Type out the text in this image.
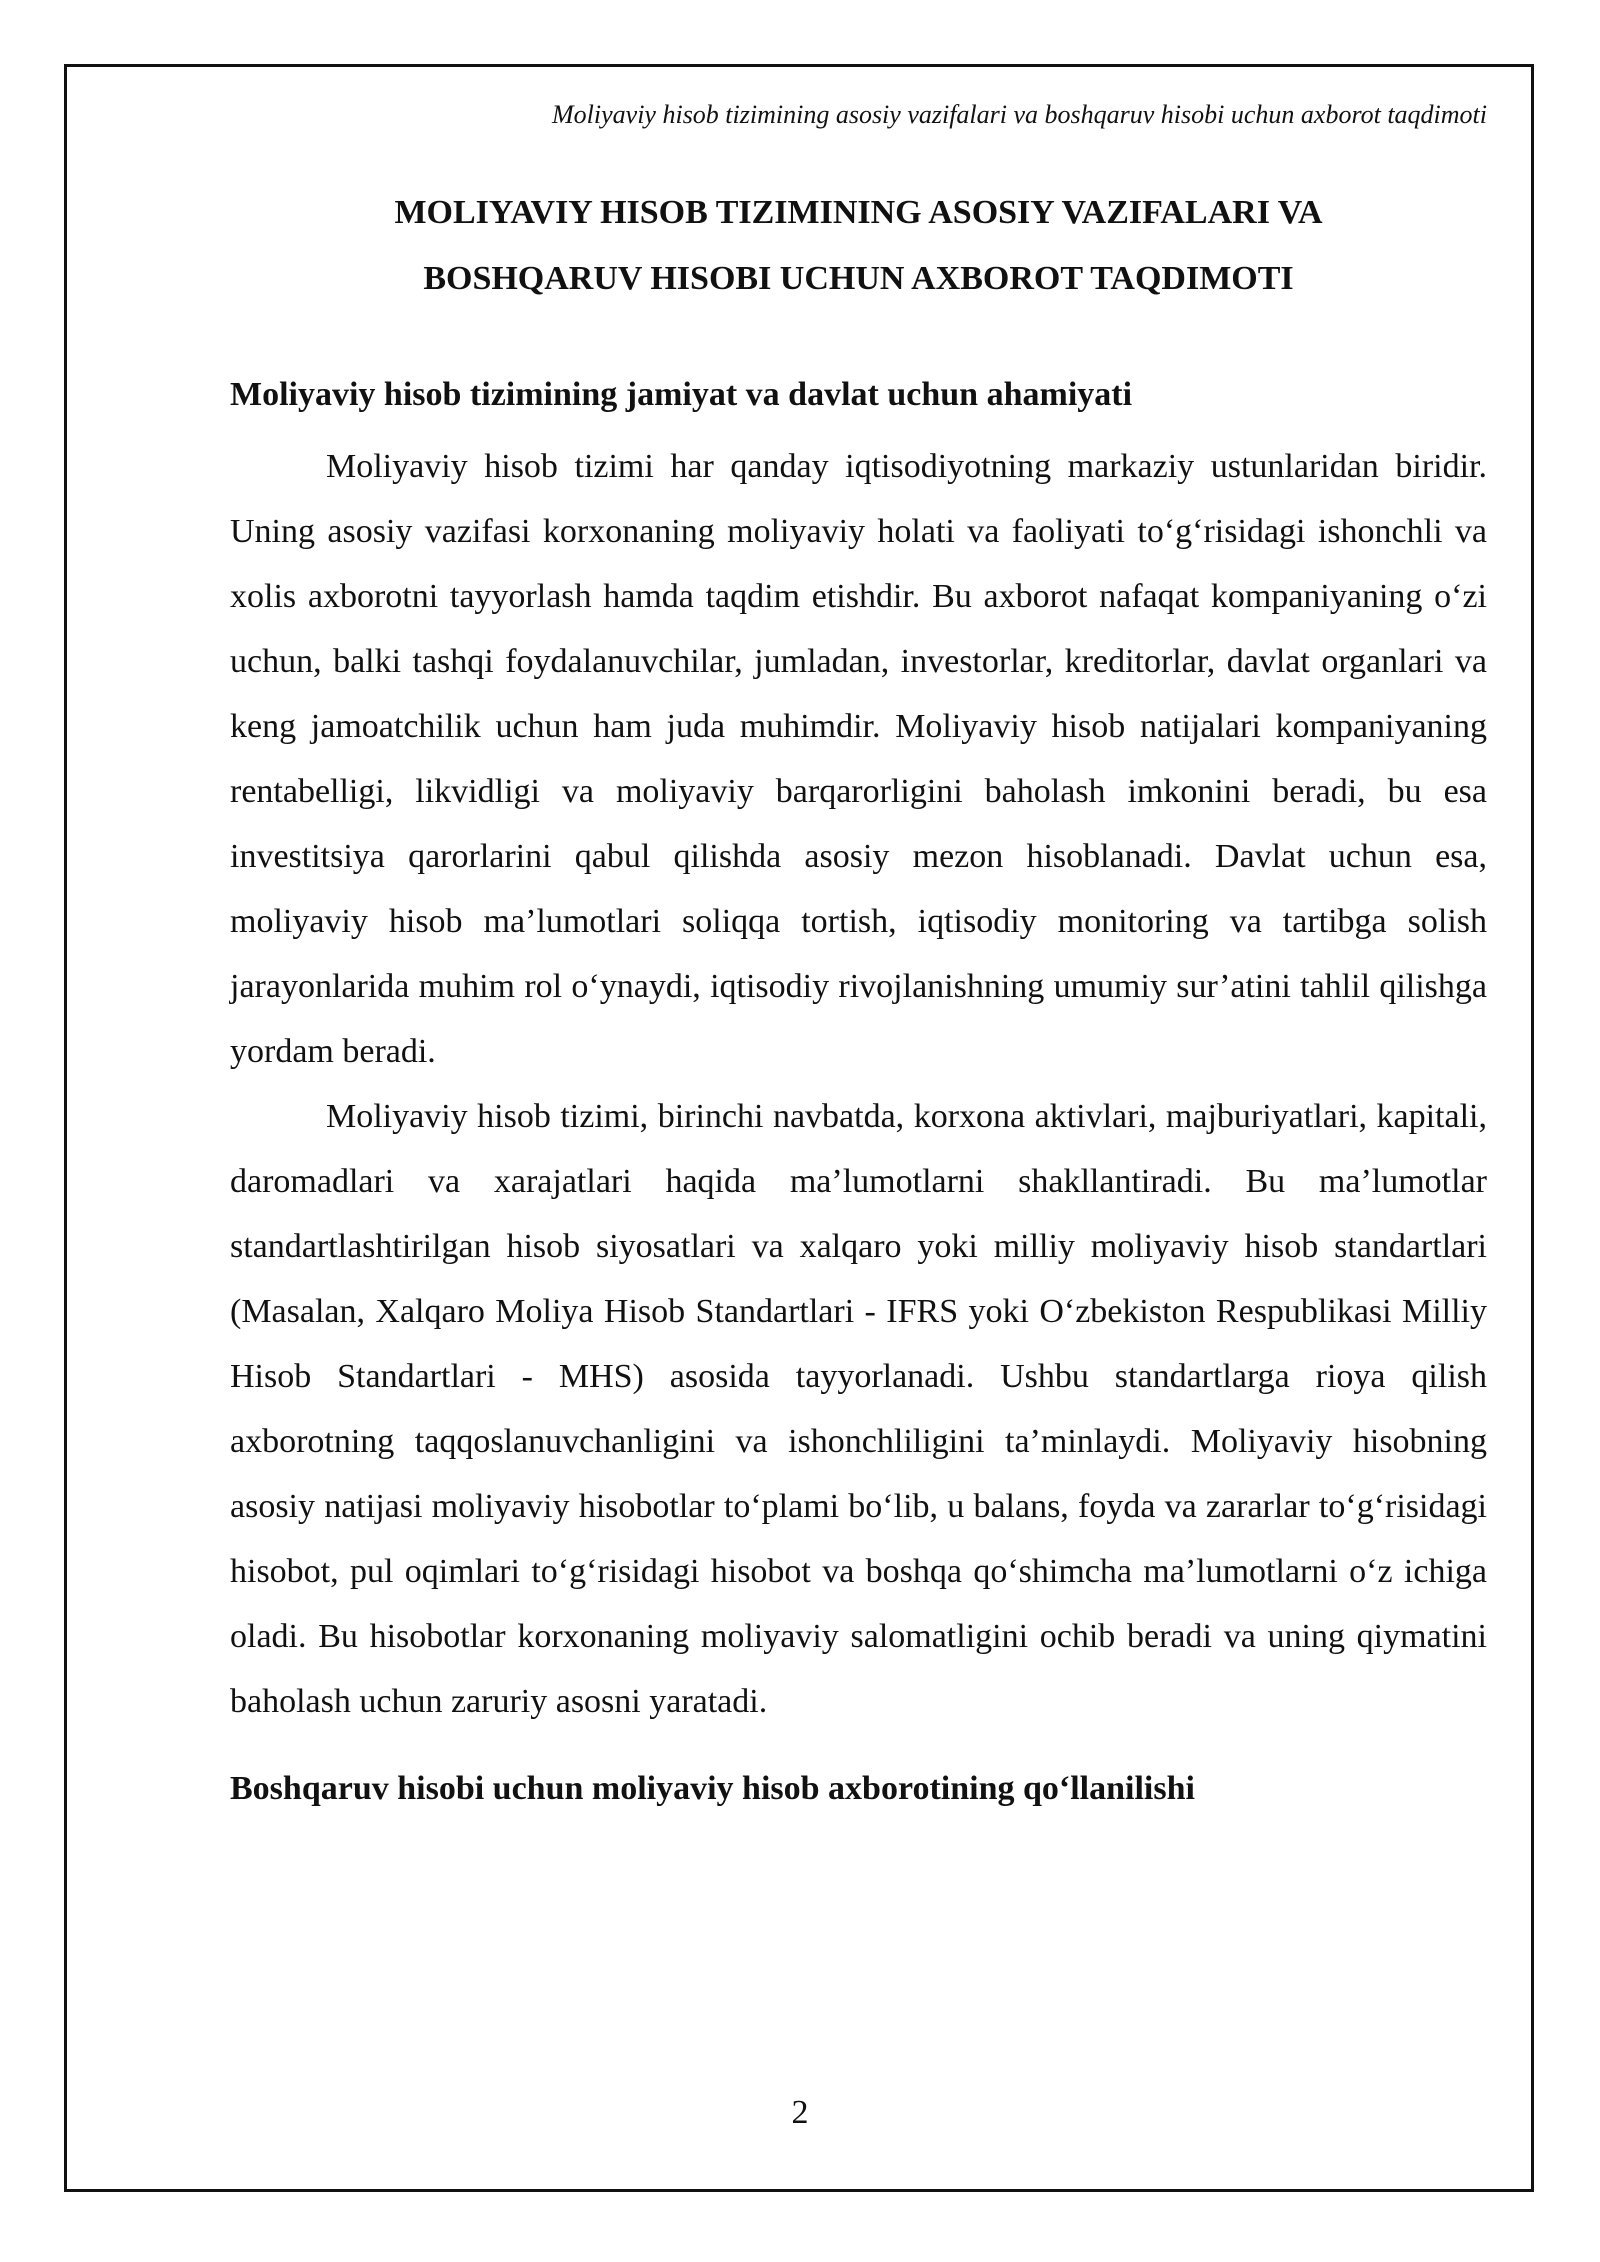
Moliyaviy hisob tizimining asosiy vazifalari va boshqaruv hisobi uchun axborot taqdimoti
MOLIYAVIY HISOB TIZIMINING ASOSIY VAZIFALARI VA
BOSHQARUV HISOBI UCHUN AXBOROT TAQDIMOTI
Moliyaviy hisob tizimining jamiyat va davlat uchun ahamiyati

Moliyaviy hisob tizimi har qanday iqtisodiyotning markaziy ustunlaridan biridir. Uning asosiy vazifasi korxonaning moliyaviy holati va faoliyati to‘g‘risidagi ishonchli va xolis axborotni tayyorlash hamda taqdim etishdir. Bu axborot nafaqat kompaniyaning o‘zi uchun, balki tashqi foydalanuvchilar, jumladan, investorlar, kreditorlar, davlat organlari va keng jamoatchilik uchun ham juda muhimdir. Moliyaviy hisob natijalari kompaniyaning rentabelligi, likvidligi va moliyaviy barqarorligini baholash imkonini beradi, bu esa investitsiya qarorlarini qabul qilishda asosiy mezon hisoblanadi. Davlat uchun esa, moliyaviy hisob ma’lumotlari soliqqa tortish, iqtisodiy monitoring va tartibga solish jarayonlarida muhim rol o‘ynaydi, iqtisodiy rivojlanishning umumiy sur’atini tahlil qilishga yordam beradi.

Moliyaviy hisob tizimi, birinchi navbatda, korxona aktivlari, majburiyatlari, kapitali, daromadlari va xarajatlari haqida ma’lumotlarni shakllantiradi. Bu ma’lumotlar standartlashtirilgan hisob siyosatlari va xalqaro yoki milliy moliyaviy hisob standartlari (Masalan, Xalqaro Moliya Hisob Standartlari - IFRS yoki O‘zbekiston Respublikasi Milliy Hisob Standartlari - MHS) asosida tayyorlanadi. Ushbu standartlarga rioya qilish axborotning taqqoslanuvchanligini va ishonchliligini ta’minlaydi. Moliyaviy hisobning asosiy natijasi moliyaviy hisobotlar to‘plami bo‘lib, u balans, foyda va zararlar to‘g‘risidagi hisobot, pul oqimlari to‘g‘risidagi hisobot va boshqa qo‘shimcha ma’lumotlarni o‘z ichiga oladi. Bu hisobotlar korxonaning moliyaviy salomatligini ochib beradi va uning qiymatini baholash uchun zaruriy asosni yaratadi.

Boshqaruv hisobi uchun moliyaviy hisob axborotining qo‘llanilishi
2
